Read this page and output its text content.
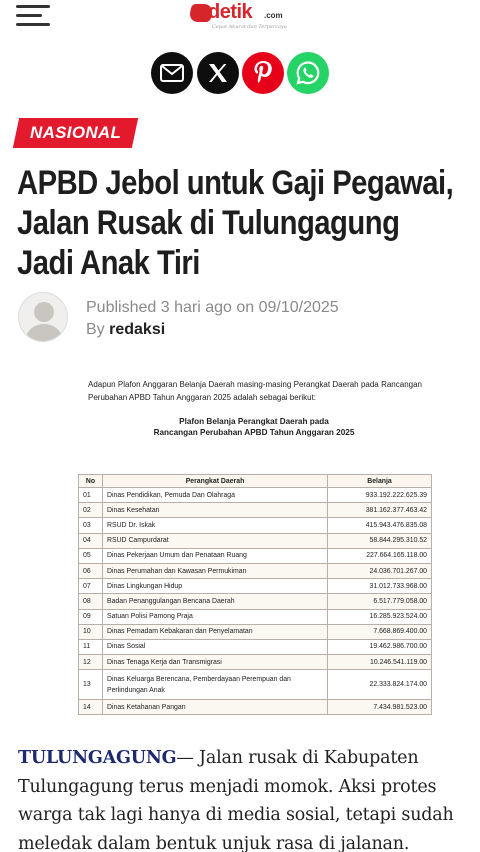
detik .com
Cepat Akurat dan Terpercaya
NASIONAL
APBD Jebol untuk Gaji Pegawai,
Jalan Rusak di Tulungagung
Jadi Anak Tiri
Published 3 hari ago on 09/10/2025
By redaksi
Adapun Plafon Anggaran Belanja Daerah masing-masing Perangkat Daerah pada Rancangan Perubahan APBD Tahun Anggaran 2025 adalah sebagai berikut:
Plafon Belanja Perangkat Daerah pada
Rancangan Perubahan APBD Tahun Anggaran 2025
No	Perangkat Daerah	Belanja
01	Dinas Pendidikan, Pemuda Dan Olahraga	933.192.222.625.39
02	Dinas Kesehatan	381.162.377.463.42
03	RSUD Dr. Iskak	415.943.476.835.08
04	RSUD Campurdarat	58.844.295.310.52
05	Dinas Pekerjaan Umum dan Penataan Ruang	227.664.165.118.00
06	Dinas Perumahan dan Kawasan Permukiman	24.036.701.267.00
07	Dinas Lingkungan Hidup	31.012.733.968.00
08	Badan Penanggulangan Bencana Daerah	6.517.779.058.00
09	Satuan Polisi Pamong Praja	16.285.923.524.00
10	Dinas Pemadam Kebakaran dan Penyelamatan	7.668.869.400.00
11	Dinas Sosial	19.462.986.700.00
12	Dinas Tenaga Kerja dan Transmigrasi	10.246.541.119.00
13	Dinas Keluarga Berencana, Pemberdayaan Perempuan dan Perlindungan Anak	22.333.824.174.00
14	Dinas Ketahanan Pangan	7.434.981.523.00

TULUNGAGUNG— Jalan rusak di Kabupaten Tulungagung terus menjadi momok. Aksi protes warga tak lagi hanya di media sosial, tetapi sudah meledak dalam bentuk unjuk rasa di jalanan.
